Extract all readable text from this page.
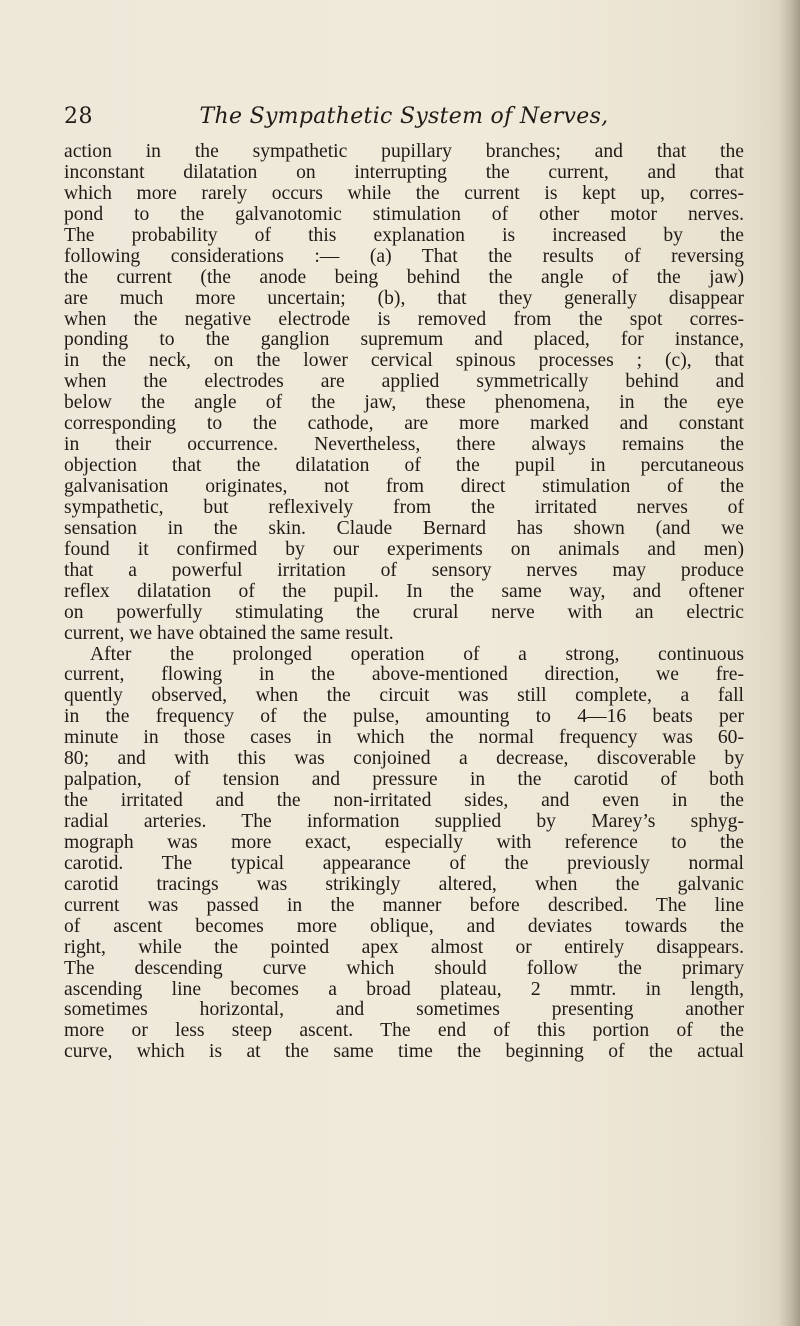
28	The Sympathetic System of Nerves,
action in the sympathetic pupillary branches; and that the
inconstant dilatation on interrupting the current, and that
which more rarely occurs while the current is kept up, corres-
pond to the galvanotomic stimulation of other motor nerves.
The probability of this explanation is increased by the
following considerations :— (a) That the results of reversing
the current (the anode being behind the angle of the jaw)
are much more uncertain; (b), that they generally disappear
when the negative electrode is removed from the spot corres-
ponding to the ganglion supremum and placed, for instance,
in the neck, on the lower cervical spinous processes ; (c), that
when the electrodes are applied symmetrically behind and
below the angle of the jaw, these phenomena, in the eye
corresponding to the cathode, are more marked and constant
in their occurrence. Nevertheless, there always remains the
objection that the dilatation of the pupil in percutaneous
galvanisation originates, not from direct stimulation of the
sympathetic, but reflexively from the irritated nerves of
sensation in the skin. Claude Bernard has shown (and we
found it confirmed by our experiments on animals and men)
that a powerful irritation of sensory nerves may produce
reflex dilatation of the pupil. In the same way, and oftener
on powerfully stimulating the crural nerve with an electric
current, we have obtained the same result.
After the prolonged operation of a strong, continuous
current, flowing in the above-mentioned direction, we fre-
quently observed, when the circuit was still complete, a fall
in the frequency of the pulse, amounting to 4—16 beats per
minute in those cases in which the normal frequency was 60-
80; and with this was conjoined a decrease, discoverable by
palpation, of tension and pressure in the carotid of both
the irritated and the non-irritated sides, and even in the
radial arteries. The information supplied by Marey’s sphyg-
mograph was more exact, especially with reference to the
carotid. The typical appearance of the previously normal
carotid tracings was strikingly altered, when the galvanic
current was passed in the manner before described. The line
of ascent becomes more oblique, and deviates towards the
right, while the pointed apex almost or entirely disappears.
The descending curve which should follow the primary
ascending line becomes a broad plateau, 2 mmtr. in length,
sometimes horizontal, and sometimes presenting another
more or less steep ascent. The end of this portion of the
curve, which is at the same time the beginning of the actual
